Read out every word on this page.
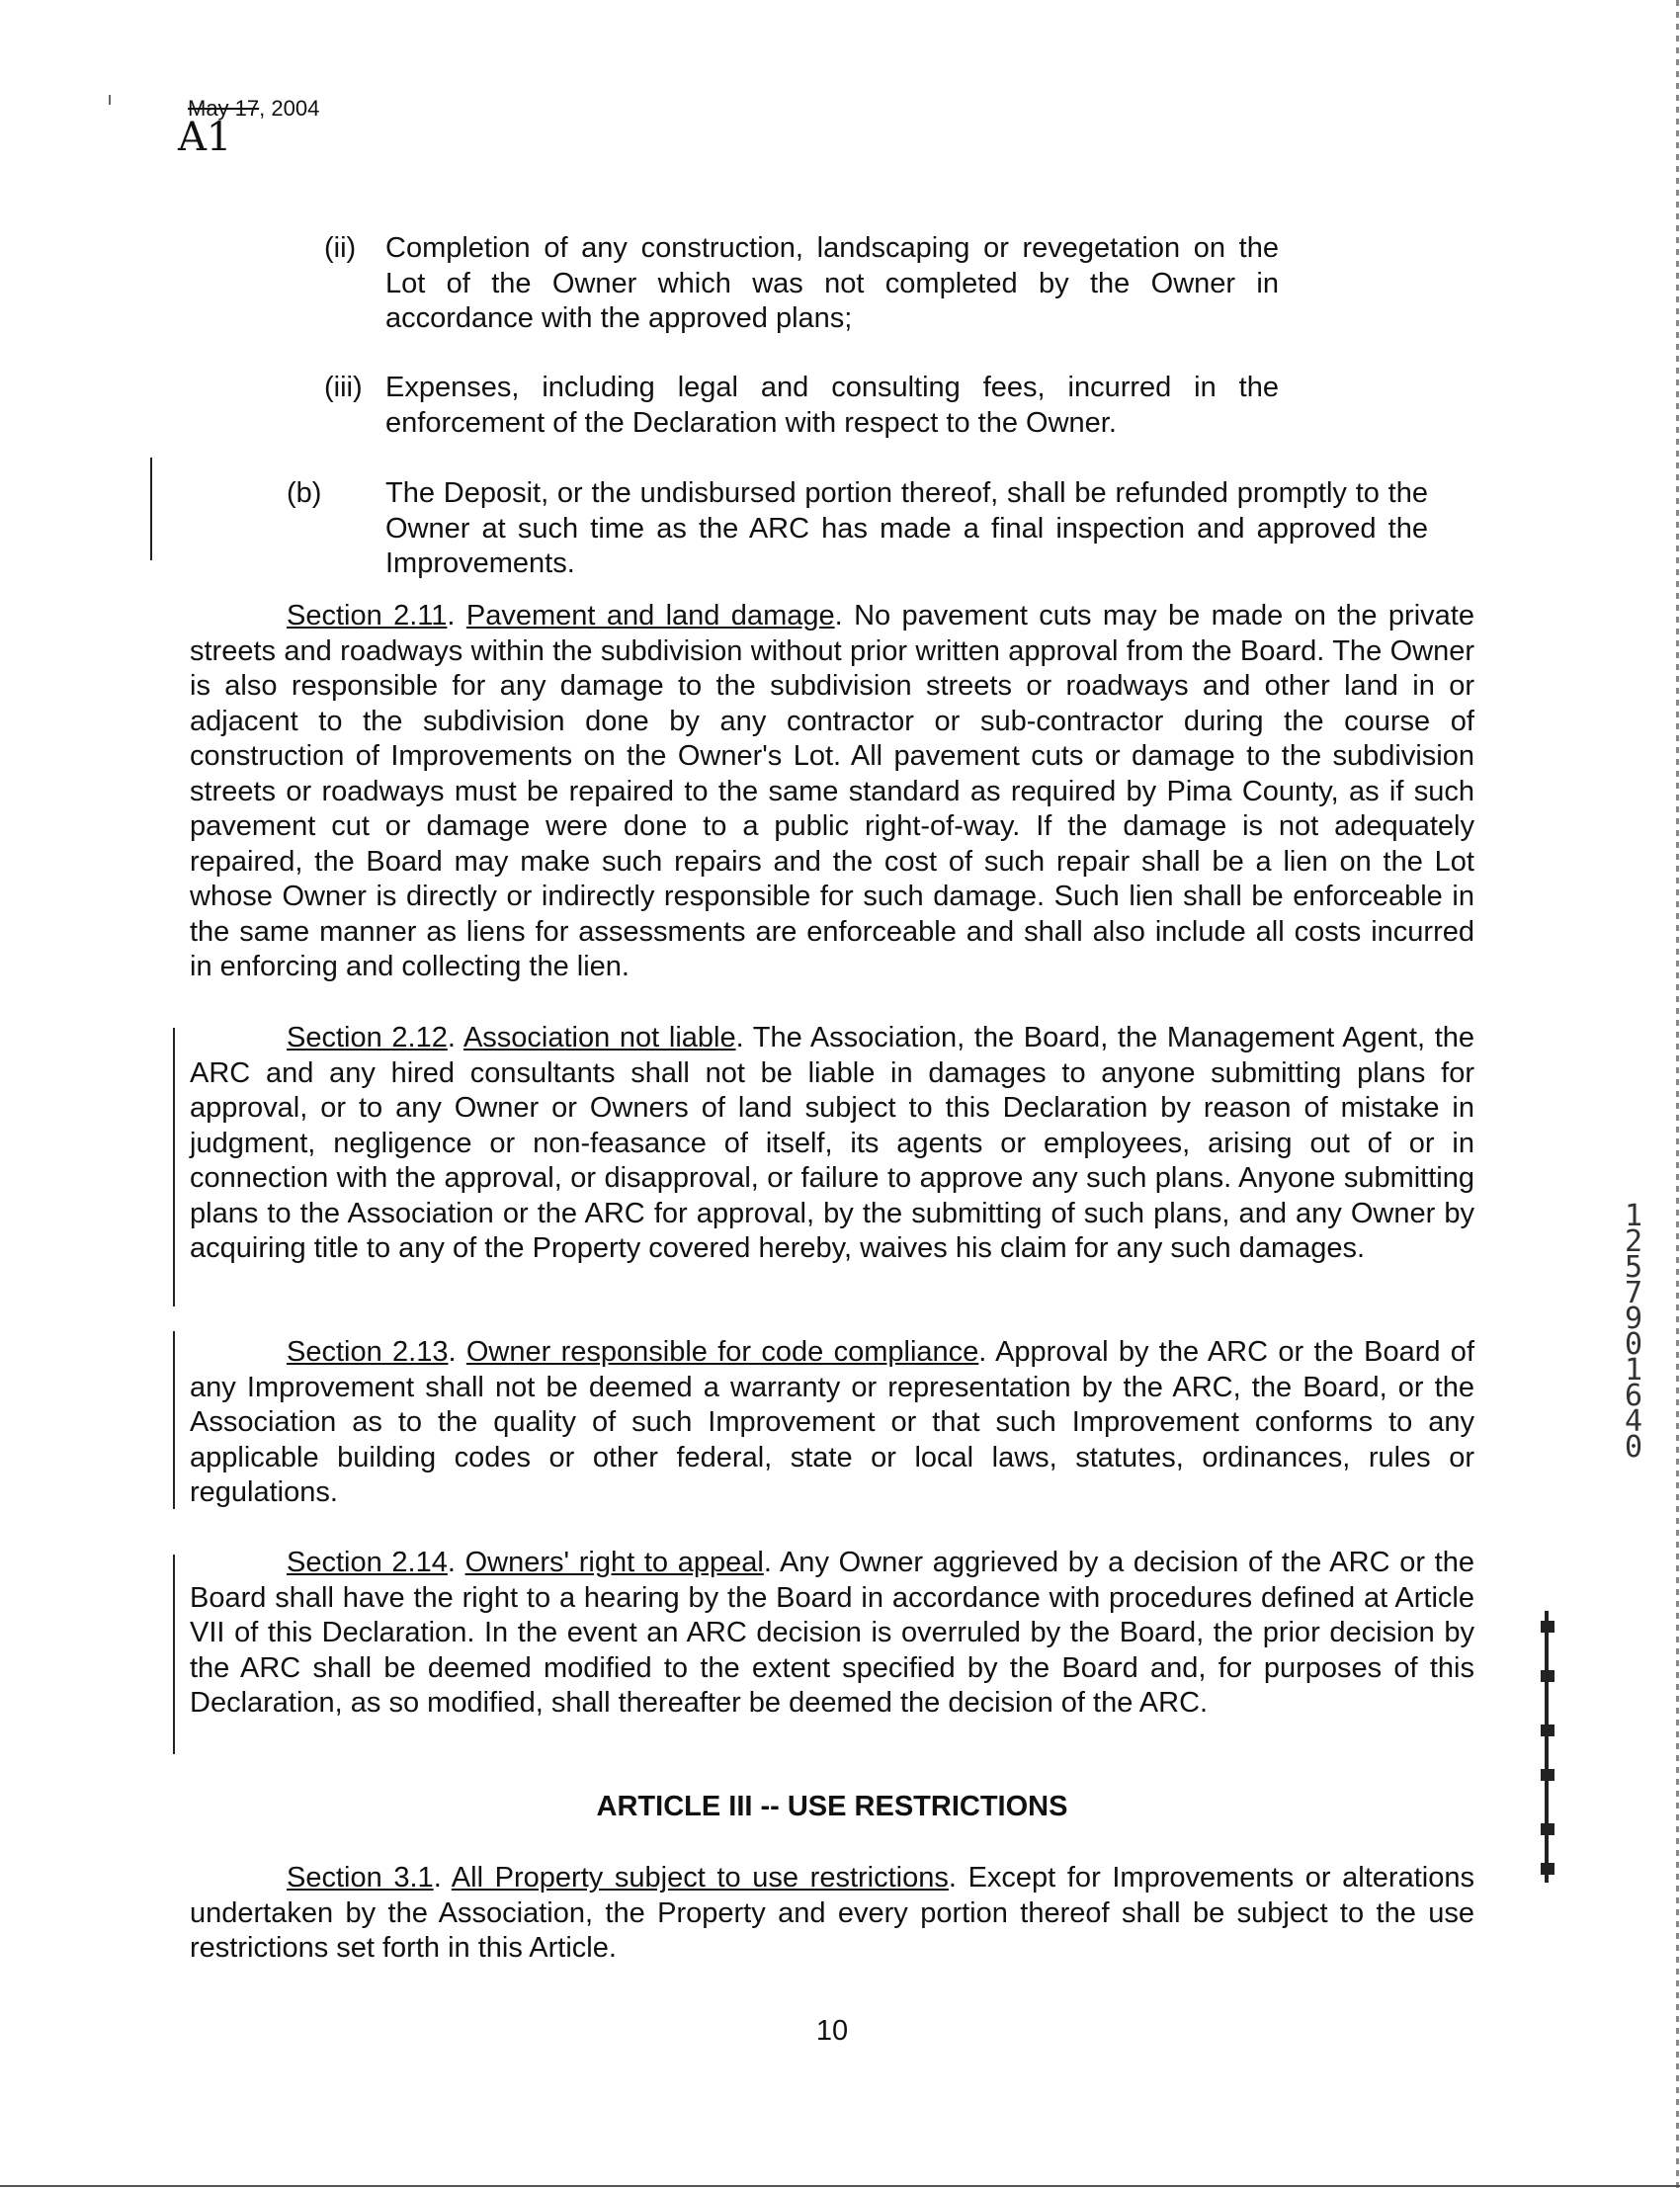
May 17, 2004
A1
(ii) Completion of any construction, landscaping or revegetation on the Lot of the Owner which was not completed by the Owner in accordance with the approved plans;
(iii) Expenses, including legal and consulting fees, incurred in the enforcement of the Declaration with respect to the Owner.
(b) The Deposit, or the undisbursed portion thereof, shall be refunded promptly to the Owner at such time as the ARC has made a final inspection and approved the Improvements.
Section 2.11. Pavement and land damage. No pavement cuts may be made on the private streets and roadways within the subdivision without prior written approval from the Board. The Owner is also responsible for any damage to the subdivision streets or roadways and other land in or adjacent to the subdivision done by any contractor or sub-contractor during the course of construction of Improvements on the Owner's Lot. All pavement cuts or damage to the subdivision streets or roadways must be repaired to the same standard as required by Pima County, as if such pavement cut or damage were done to a public right-of-way. If the damage is not adequately repaired, the Board may make such repairs and the cost of such repair shall be a lien on the Lot whose Owner is directly or indirectly responsible for such damage. Such lien shall be enforceable in the same manner as liens for assessments are enforceable and shall also include all costs incurred in enforcing and collecting the lien.
Section 2.12. Association not liable. The Association, the Board, the Management Agent, the ARC and any hired consultants shall not be liable in damages to anyone submitting plans for approval, or to any Owner or Owners of land subject to this Declaration by reason of mistake in judgment, negligence or non-feasance of itself, its agents or employees, arising out of or in connection with the approval, or disapproval, or failure to approve any such plans. Anyone submitting plans to the Association or the ARC for approval, by the submitting of such plans, and any Owner by acquiring title to any of the Property covered hereby, waives his claim for any such damages.
Section 2.13. Owner responsible for code compliance. Approval by the ARC or the Board of any Improvement shall not be deemed a warranty or representation by the ARC, the Board, or the Association as to the quality of such Improvement or that such Improvement conforms to any applicable building codes or other federal, state or local laws, statutes, ordinances, rules or regulations.
Section 2.14. Owners' right to appeal. Any Owner aggrieved by a decision of the ARC or the Board shall have the right to a hearing by the Board in accordance with procedures defined at Article VII of this Declaration. In the event an ARC decision is overruled by the Board, the prior decision by the ARC shall be deemed modified to the extent specified by the Board and, for purposes of this Declaration, as so modified, shall thereafter be deemed the decision of the ARC.
ARTICLE III -- USE RESTRICTIONS
Section 3.1. All Property subject to use restrictions. Except for Improvements or alterations undertaken by the Association, the Property and every portion thereof shall be subject to the use restrictions set forth in this Article.
10
12579 01640
